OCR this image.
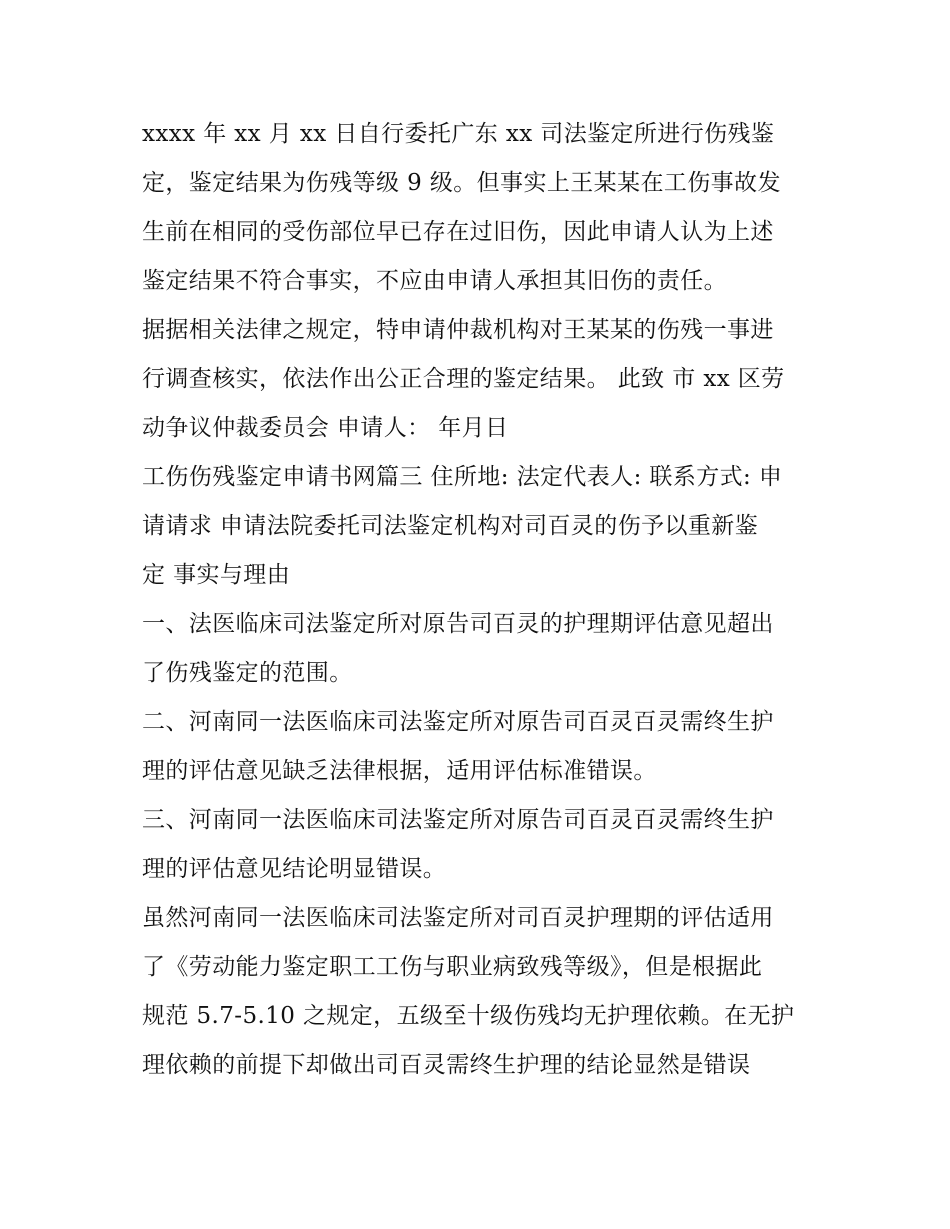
xxxx 年 xx 月 xx 日自行委托广东 xx 司法鉴定所进行伤残鉴
定，鉴定结果为伤残等级 9 级。但事实上王某某在工伤事故发
生前在相同的受伤部位早已存在过旧伤，因此申请人认为上述
鉴定结果不符合事实，不应由申请人承担其旧伤的责任。
据据相关法律之规定，特申请仲裁机构对王某某的伤残一事进
行调查核实，依法作出公正合理的鉴定结果。 此致 市 xx 区劳
动争议仲裁委员会 申请人： 年月日
工伤伤残鉴定申请书网篇三 住所地: 法定代表人: 联系方式: 申
请请求 申请法院委托司法鉴定机构对司百灵的伤予以重新鉴
定 事实与理由
一、法医临床司法鉴定所对原告司百灵的护理期评估意见超出
了伤残鉴定的范围。
二、河南同一法医临床司法鉴定所对原告司百灵百灵需终生护
理的评估意见缺乏法律根据，适用评估标准错误。
三、河南同一法医临床司法鉴定所对原告司百灵百灵需终生护
理的评估意见结论明显错误。
虽然河南同一法医临床司法鉴定所对司百灵护理期的评估适用
了《劳动能力鉴定职工工伤与职业病致残等级》，但是根据此
规范 5.7-5.10 之规定，五级至十级伤残均无护理依赖。在无护
理依赖的前提下却做出司百灵需终生护理的结论显然是错误
